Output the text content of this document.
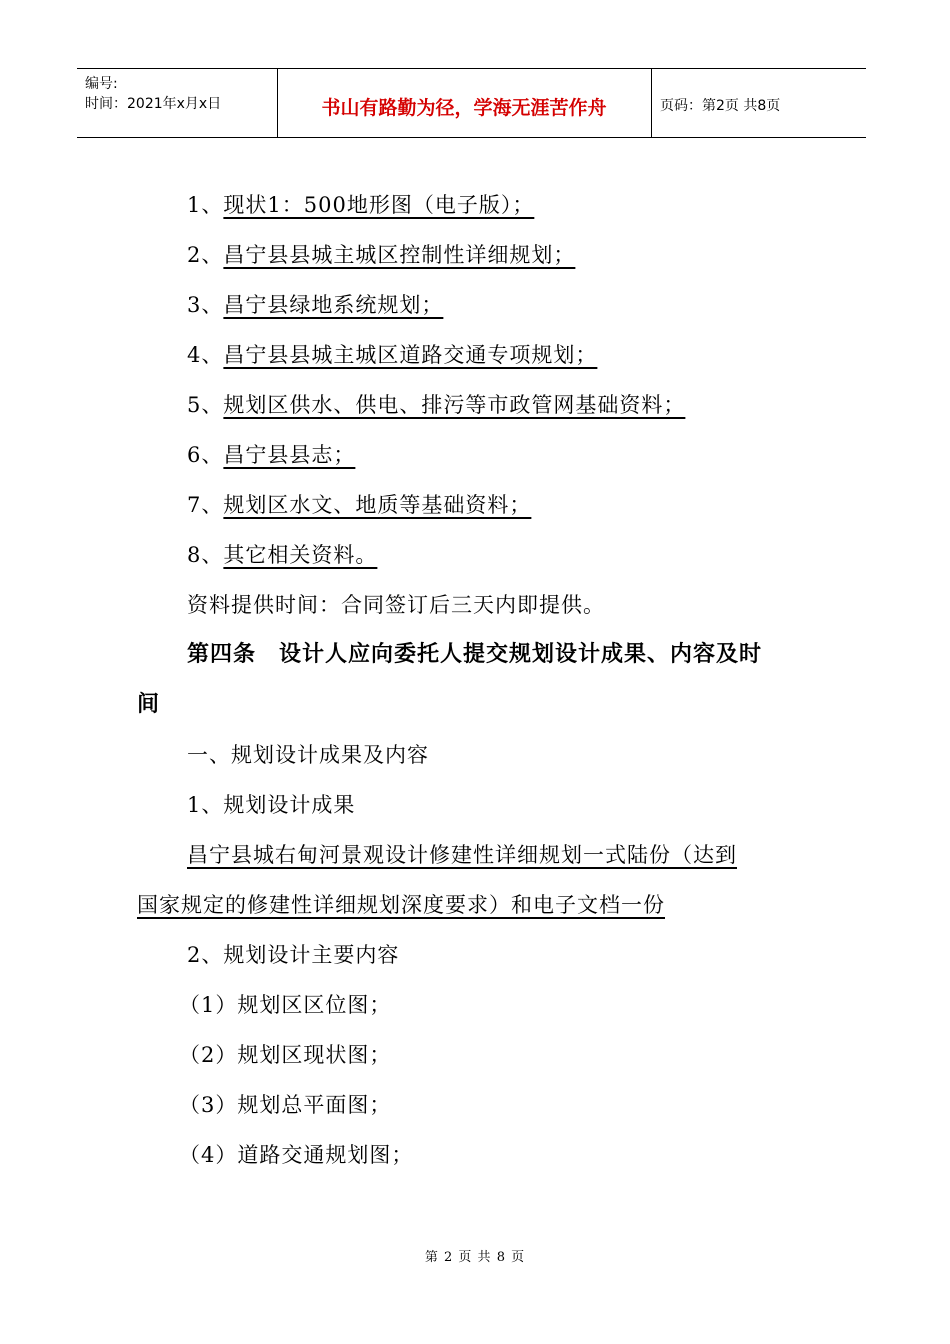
编号:
时间：2021年x月x日	书山有路勤为径，学海无涯苦作舟	页码：第2页 共8页
1、现状1：500地形图（电子版）；
2、昌宁县县城主城区控制性详细规划；
3、昌宁县绿地系统规划；
4、昌宁县县城主城区道路交通专项规划；
5、规划区供水、供电、排污等市政管网基础资料；
6、昌宁县县志；
7、规划区水文、地质等基础资料；
8、其它相关资料。
资料提供时间：合同签订后三天内即提供。
第四条　设计人应向委托人提交规划设计成果、内容及时
间
一、规划设计成果及内容
1、规划设计成果
昌宁县城右甸河景观设计修建性详细规划一式陆份（达到
国家规定的修建性详细规划深度要求）和电子文档一份
2、规划设计主要内容
（1）规划区区位图；
（2）规划区现状图；
（3）规划总平面图；
（4）道路交通规划图；
第 2 页 共 8 页
